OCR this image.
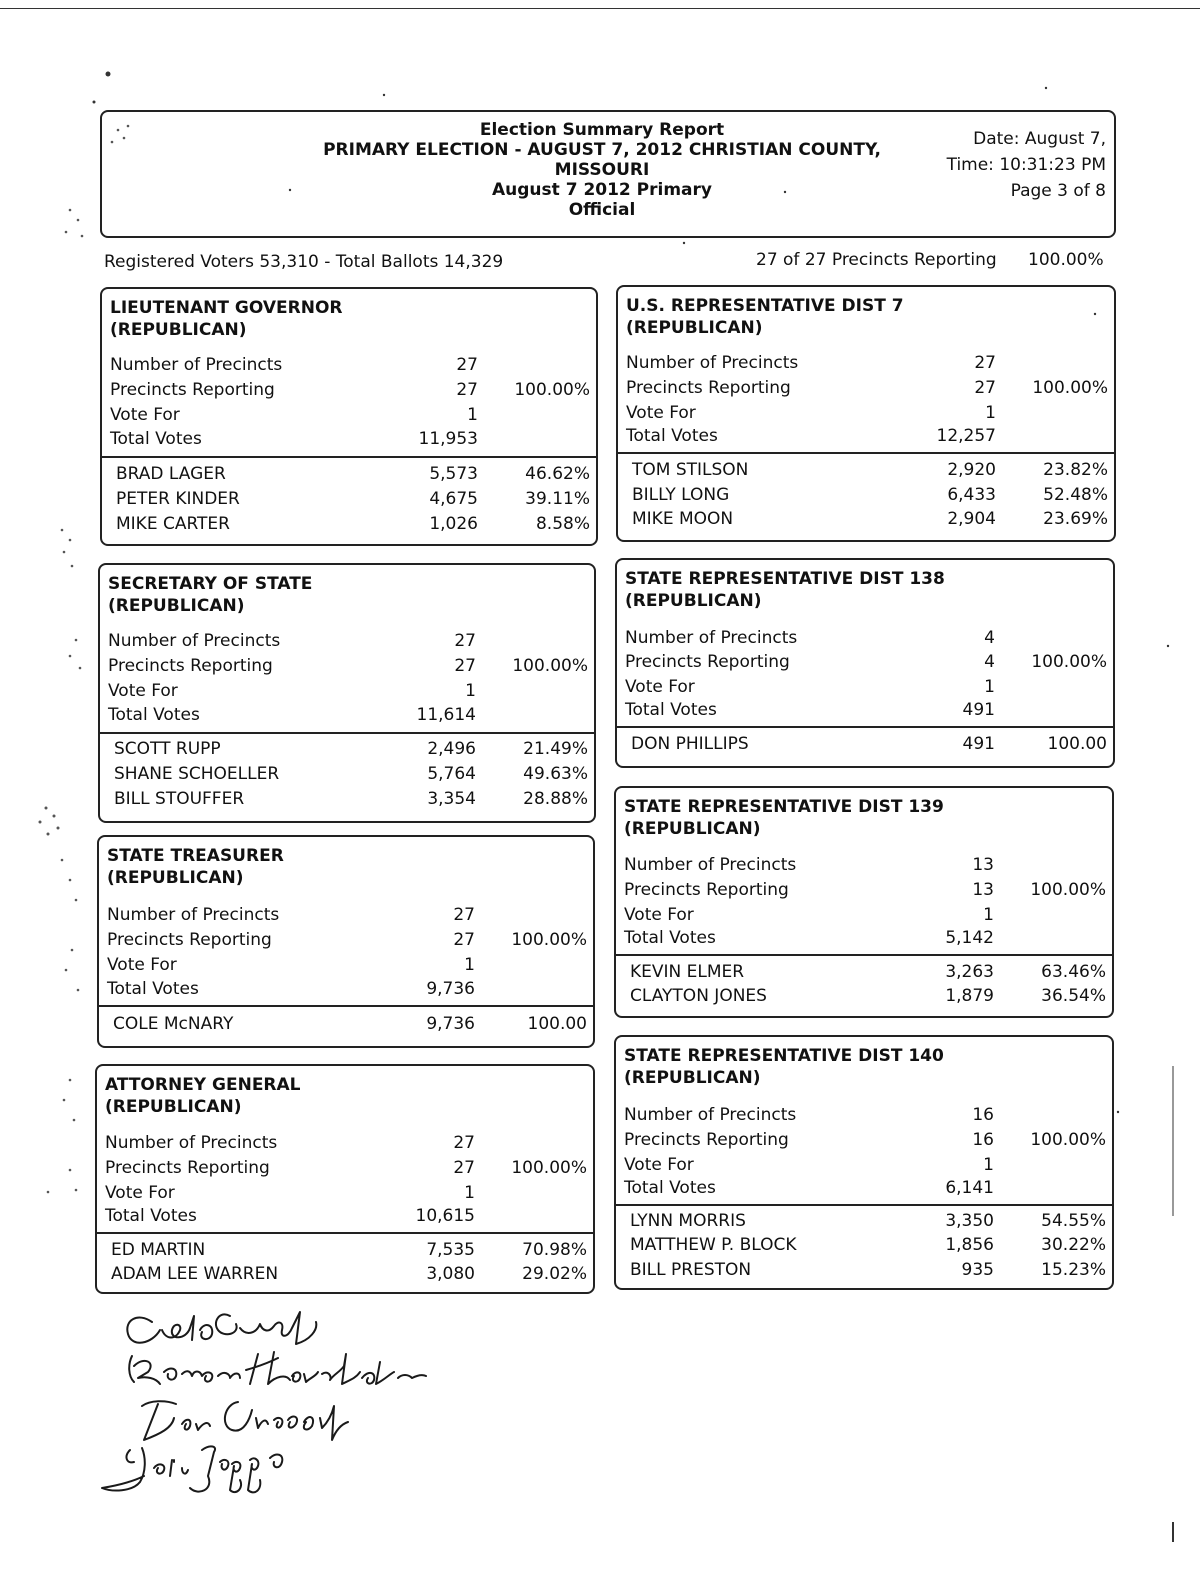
Election Summary Report
PRIMARY ELECTION - AUGUST 7, 2012 CHRISTIAN COUNTY,
MISSOURI
August 7 2012 Primary
Official
Date: August 7,
Time: 10:31:23 PM
Page 3 of 8
Registered Voters 53,310 - Total Ballots 14,329	27 of 27 Precincts Reporting 100.00%
LIEUTENANT GOVERNOR
(REPUBLICAN)
Number of Precincts	27
Precincts Reporting	27 100.00%
Vote For	1
Total Votes	11,953
BRAD LAGER	5,573	46.62%
PETER KINDER	4,675	39.11%
MIKE CARTER	1,026	8.58%
SECRETARY OF STATE
(REPUBLICAN)
Number of Precincts	27
Precincts Reporting	27 100.00%
Vote For	1
Total Votes	11,614
SCOTT RUPP	2,496	21.49%
SHANE SCHOELLER	5,764	49.63%
BILL STOUFFER	3,354	28.88%
STATE TREASURER
(REPUBLICAN)
Number of Precincts	27
Precincts Reporting	27 100.00%
Vote For	1
Total Votes	9,736
COLE McNARY	9,736	100.00
ATTORNEY GENERAL
(REPUBLICAN)
Number of Precincts	27
Precincts Reporting	27 100.00%
Vote For	1
Total Votes	10,615
ED MARTIN	7,535	70.98%
ADAM LEE WARREN	3,080	29.02%
U.S. REPRESENTATIVE DIST 7
(REPUBLICAN)
Number of Precincts	27
Precincts Reporting	27 100.00%
Vote For	1
Total Votes	12,257
TOM STILSON	2,920	23.82%
BILLY LONG	6,433	52.48%
MIKE MOON	2,904	23.69%
STATE REPRESENTATIVE DIST 138
(REPUBLICAN)
Number of Precincts	4
Precincts Reporting	4 100.00%
Vote For	1
Total Votes	491
DON PHILLIPS	491	100.00
STATE REPRESENTATIVE DIST 139
(REPUBLICAN)
Number of Precincts	13
Precincts Reporting	13 100.00%
Vote For	1
Total Votes	5,142
KEVIN ELMER	3,263	63.46%
CLAYTON JONES	1,879	36.54%
STATE REPRESENTATIVE DIST 140
(REPUBLICAN)
Number of Precincts	16
Precincts Reporting	16 100.00%
Vote For	1
Total Votes	6,141
LYNN MORRIS	3,350	54.55%
MATTHEW P. BLOCK	1,856	30.22%
BILL PRESTON	935	15.23%
